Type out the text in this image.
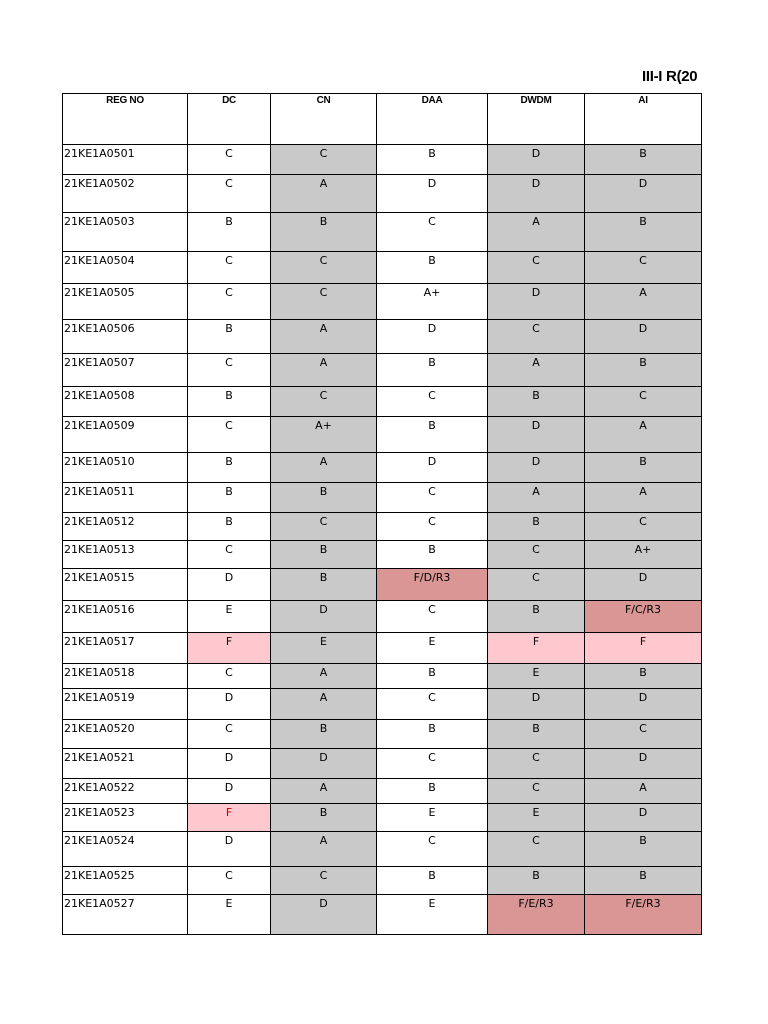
III-I R(20
REG NO	DC	CN	DAA	DWDM	AI
21KE1A0501	C	C	B	D	B
21KE1A0502	C	A	D	D	D
21KE1A0503	B	B	C	A	B
21KE1A0504	C	C	B	C	C
21KE1A0505	C	C	A+	D	A
21KE1A0506	B	A	D	C	D
21KE1A0507	C	A	B	A	B
21KE1A0508	B	C	C	B	C
21KE1A0509	C	A+	B	D	A
21KE1A0510	B	A	D	D	B
21KE1A0511	B	B	C	A	A
21KE1A0512	B	C	C	B	C
21KE1A0513	C	B	B	C	A+
21KE1A0515	D	B	F/D/R3	C	D
21KE1A0516	E	D	C	B	F/C/R3
21KE1A0517	F	E	E	F	F
21KE1A0518	C	A	B	E	B
21KE1A0519	D	A	C	D	D
21KE1A0520	C	B	B	B	C
21KE1A0521	D	D	C	C	D
21KE1A0522	D	A	B	C	A
21KE1A0523	F	B	E	E	D
21KE1A0524	D	A	C	C	B
21KE1A0525	C	C	B	B	B
21KE1A0527	E	D	E	F/E/R3	F/E/R3
